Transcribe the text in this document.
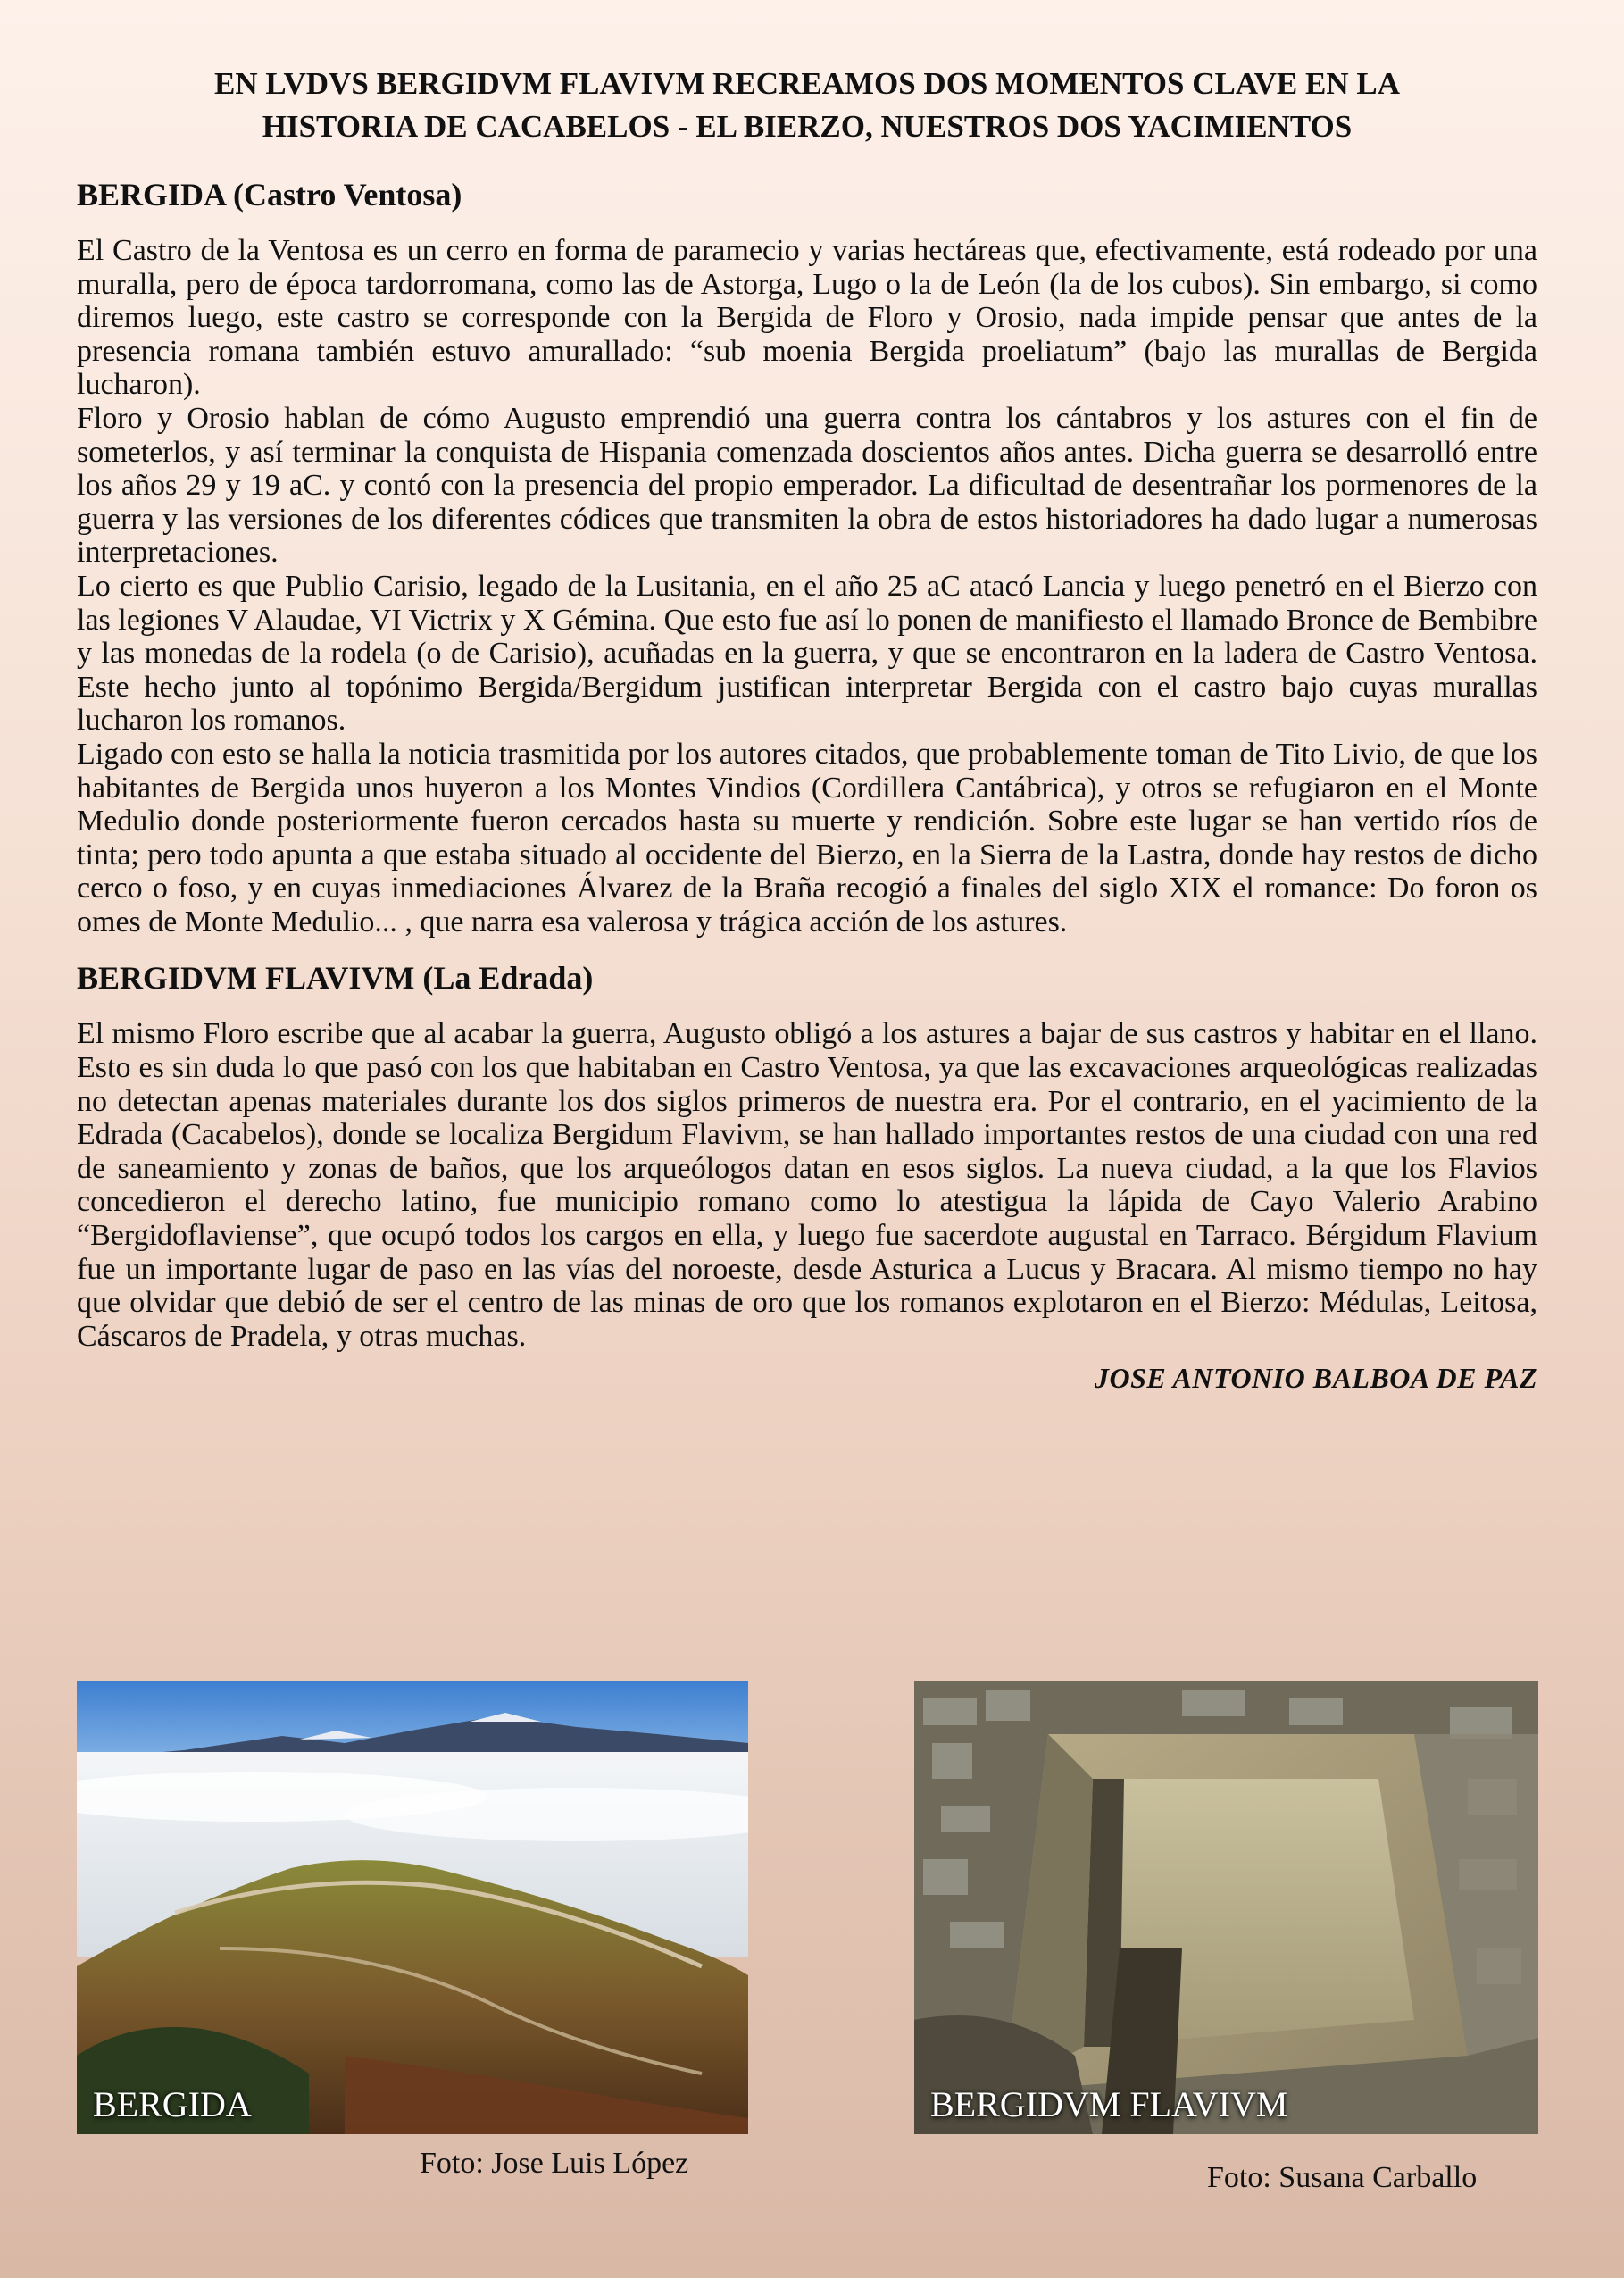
EN LVDVS BERGIDVM FLAVIVM RECREAMOS DOS MOMENTOS CLAVE EN LA
HISTORIA DE CACABELOS - EL BIERZO, NUESTROS DOS YACIMIENTOS
BERGIDA (Castro Ventosa)

El Castro de la Ventosa es un cerro en forma de paramecio y varias hectáreas que, efectivamente, está rodeado por una muralla, pero de época tardorromana, como las de Astorga, Lugo o la de León (la de los cubos). Sin embargo, si como diremos luego, este castro se corresponde con la Bergida de Floro y Orosio, nada impide pensar que antes de la presencia romana también estuvo amurallado: “sub moenia Bergida proeliatum” (bajo las murallas de Bergida lucharon).

Floro y Orosio hablan de cómo Augusto emprendió una guerra contra los cántabros y los astures con el fin de someterlos, y así terminar la conquista de Hispania comenzada doscientos años antes. Dicha guerra se desarrolló entre los años 29 y 19 aC. y contó con la presencia del propio emperador. La dificultad de desentrañar los pormenores de la guerra y las versiones de los diferentes códices que transmiten la obra de estos historiadores ha dado lugar a numerosas interpretaciones.

Lo cierto es que Publio Carisio, legado de la Lusitania, en el año 25 aC atacó Lancia y luego penetró en el Bierzo con las legiones V Alaudae, VI Victrix y X Gémina. Que esto fue así lo ponen de manifiesto el llamado Bronce de Bembibre y las monedas de la rodela (o de Carisio), acuñadas en la guerra, y que se encontraron en la ladera de Castro Ventosa. Este hecho junto al topónimo Bergida/Bergidum justifican interpretar Bergida con el castro bajo cuyas murallas lucharon los romanos.

Ligado con esto se halla la noticia trasmitida por los autores citados, que probablemente toman de Tito Livio, de que los habitantes de Bergida unos huyeron a los Montes Vindios (Cordillera Cantábrica), y otros se refugiaron en el Monte Medulio donde posteriormente fueron cercados hasta su muerte y rendición. Sobre este lugar se han vertido ríos de tinta; pero todo apunta a que estaba situado al occidente del Bierzo, en la Sierra de la Lastra, donde hay restos de dicho cerco o foso, y en cuyas inmediaciones Álvarez de la Braña recogió a finales del siglo XIX el romance: Do foron os omes de Monte Medulio... , que narra esa valerosa y trágica acción de los astures.

BERGIDVM FLAVIVM (La Edrada)

El mismo Floro escribe que al acabar la guerra, Augusto obligó a los astures a bajar de sus castros y habitar en el llano. Esto es sin duda lo que pasó con los que habitaban en Castro Ventosa, ya que las excavaciones arqueológicas realizadas no detectan apenas materiales durante los dos siglos primeros de nuestra era. Por el contrario, en el yacimiento de la Edrada (Cacabelos), donde se localiza Bergidum Flavivm, se han hallado importantes restos de una ciudad con una red de saneamiento y zonas de baños, que los arqueólogos datan en esos siglos. La nueva ciudad, a la que los Flavios concedieron el derecho latino, fue municipio romano como lo atestigua la lápida de Cayo Valerio Arabino “Bergidoflaviense”, que ocupó todos los cargos en ella, y luego fue sacerdote augustal en Tarraco. Bérgidum Flavium fue un importante lugar de paso en las vías del noroeste, desde Asturica a Lucus y Bracara. Al mismo tiempo no hay que olvidar que debió de ser el centro de las minas de oro que los romanos explotaron en el Bierzo: Médulas, Leitosa, Cáscaros de Pradela, y otras muchas.

JOSE ANTONIO BALBOA DE PAZ

BERGIDA
Foto: Jose Luis López
BERGIDVM FLAVIVM
Foto: Susana Carballo
